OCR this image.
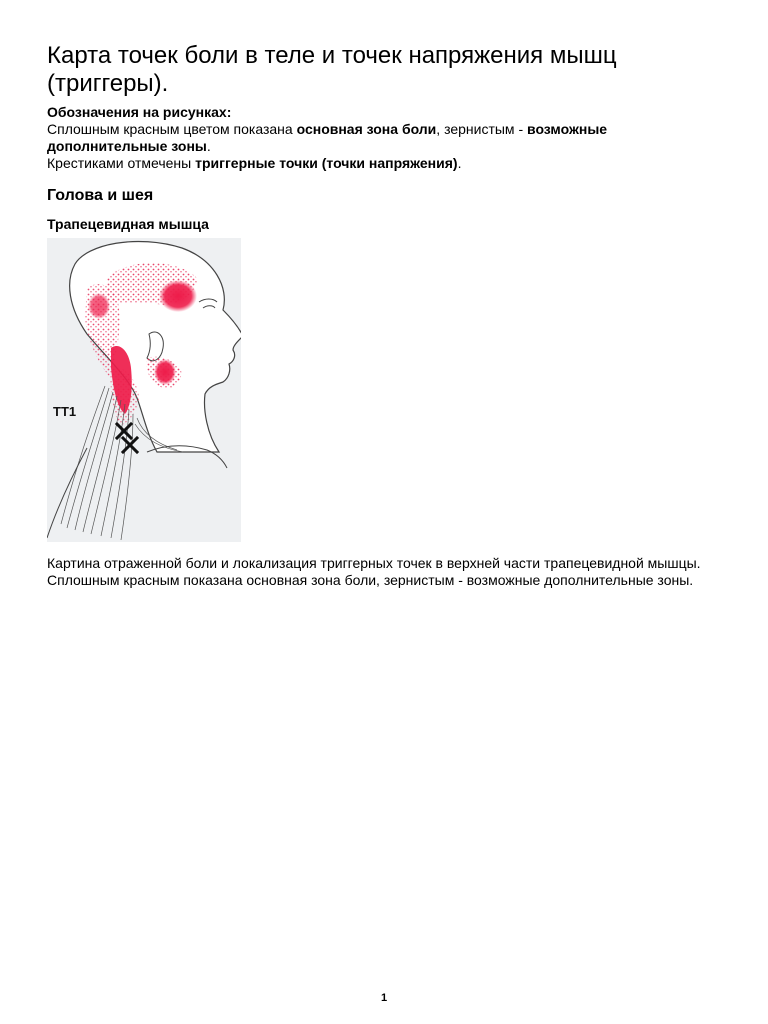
Карта точек боли в теле и точек напряжения мышц (триггеры).

Обозначения на рисунках:

Сплошным красным цветом показана основная зона боли, зернистым - возможные дополнительные зоны.

Крестиками отмечены триггерные точки (точки напряжения).

Голова и шея
Трапецевидная мышца
TT1
Картина отраженной боли и локализация триггерных точек в верхней части трапецевидной мышцы.
Сплошным красным показана основная зона боли, зернистым - возможные дополнительные зоны.
1
